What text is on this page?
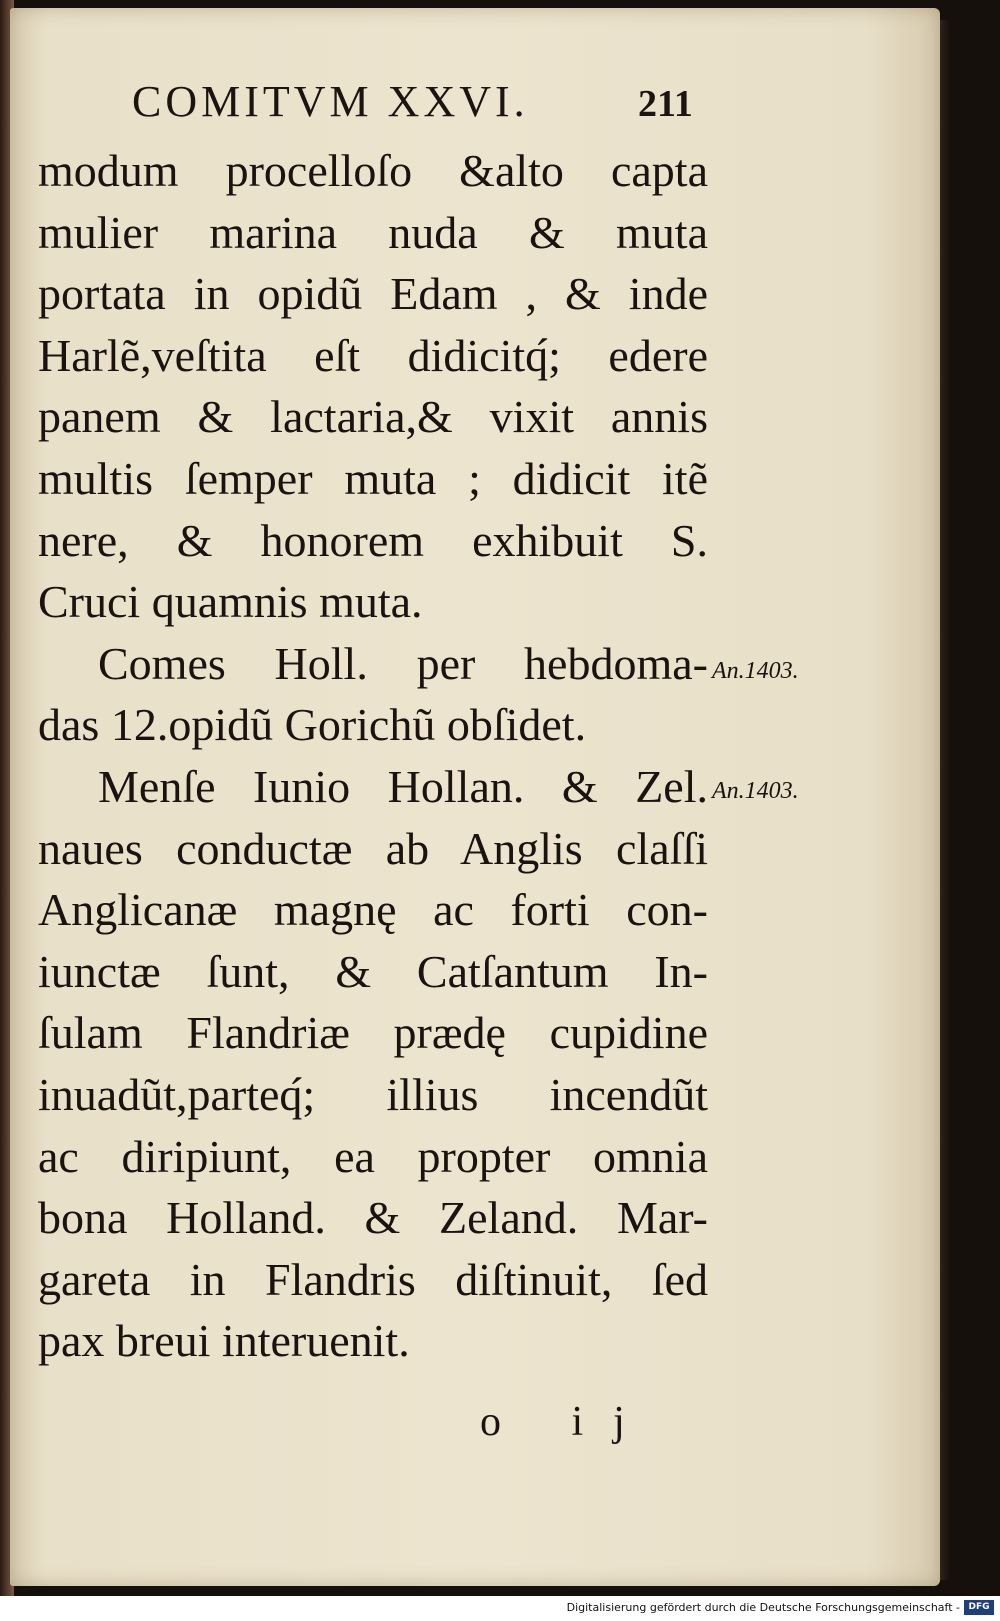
COMITVM XXVI.	211
modum procelloſo &alto capta
mulier marina nuda & muta
portata in opidũ Edam , & inde
Harlẽ,veſtita eſt didicitq́; edere
panem & lactaria,& vixit annis
multis ſemper muta ; didicit itẽ
nere, & honorem exhibuit S.
Cruci quamnis muta.
Comes Holl. per hebdoma-
das 12.opidũ Gorichũ obſidet.
Menſe Iunio Hollan. & Zel.
naues conductæ ab Anglis claſſi
Anglicanæ magnę ac forti con-
iunctæ ſunt, & Catſantum In-
ſulam Flandriæ prædę cupidine
inuadũt,parteq́; illius incendũt
ac diripiunt, ea propter omnia
bona Holland. & Zeland. Mar-
gareta in Flandris diſtinuit, ſed
pax breui interuenit.
An.1403.
An.1403.
o ij
Digitalisierung gefördert durch die Deutsche Forschungsgemeinschaft - DFG
